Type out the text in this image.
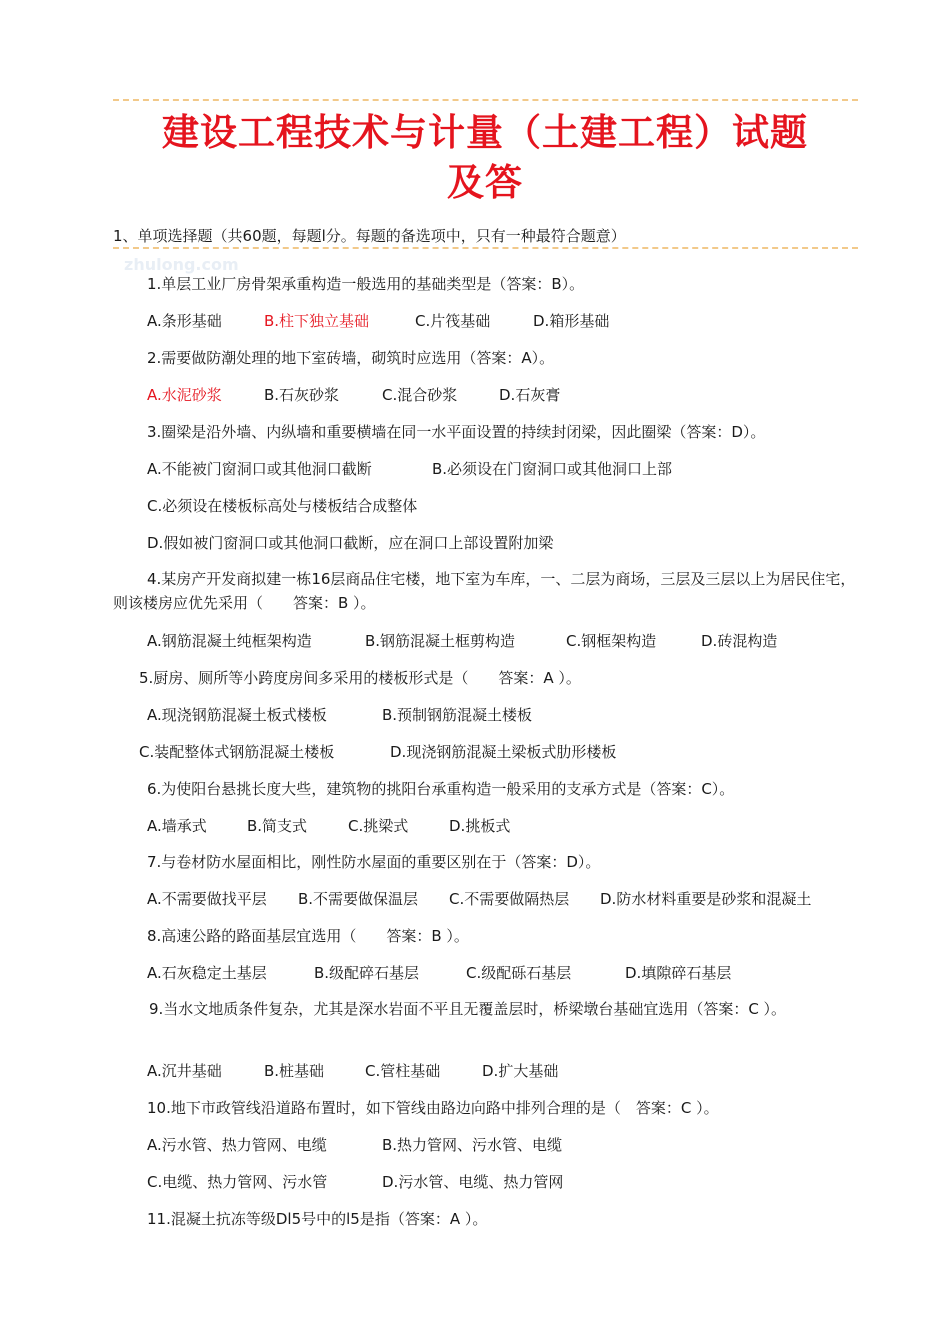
建设工程技术与计量（土建工程）试题
及答
1、单项选择题（共60题，每题l分。每题的备选项中，只有一种最符合题意）
zhulong.com
1.单层工业厂房骨架承重构造一般选用的基础类型是（答案：B）。
A.条形基础	B.柱下独立基础	C.片筏基础	D.箱形基础
2.需要做防潮处理的地下室砖墙，砌筑时应选用（答案：A）。
A.水泥砂浆	B.石灰砂浆	C.混合砂浆	D.石灰膏
3.圈梁是沿外墙、内纵墙和重要横墙在同一水平面设置的持续封闭梁，因此圈梁（答案：D）。
A.不能被门窗洞口或其他洞口截断	B.必须设在门窗洞口或其他洞口上部
C.必须设在楼板标高处与楼板结合成整体
D.假如被门窗洞口或其他洞口截断，应在洞口上部设置附加梁
4.某房产开发商拟建一栋16层商品住宅楼，地下室为车库，一、二层为商场，三层及三层以上为居民住宅，则该楼房应优先采用（　　答案：B ）。
A.钢筋混凝土纯框架构造	B.钢筋混凝土框剪构造	C.钢框架构造	D.砖混构造
5.厨房、厕所等小跨度房间多采用的楼板形式是（　　答案：A ）。
A.现浇钢筋混凝土板式楼板	B.预制钢筋混凝土楼板
C.装配整体式钢筋混凝土楼板	D.现浇钢筋混凝土梁板式肋形楼板
6.为使阳台悬挑长度大些，建筑物的挑阳台承重构造一般采用的支承方式是（答案：C）。
A.墙承式	B.简支式	C.挑梁式	D.挑板式
7.与卷材防水屋面相比，刚性防水屋面的重要区别在于（答案：D）。
A.不需要做找平层 B.不需要做保温层 C.不需要做隔热层 D.防水材料重要是砂浆和混凝土
8.高速公路的路面基层宜选用（　　答案：B ）。
A.石灰稳定土基层	B.级配碎石基层	C.级配砾石基层	D.填隙碎石基层
9.当水文地质条件复杂，尤其是深水岩面不平且无覆盖层时，桥梁墩台基础宜选用（答案：C ）。
A.沉井基础	B.桩基础	C.管柱基础	D.扩大基础
10.地下市政管线沿道路布置时，如下管线由路边向路中排列合理的是（　答案：C ）。
A.污水管、热力管网、电缆	B.热力管网、污水管、电缆
C.电缆、热力管网、污水管	D.污水管、电缆、热力管网
11.混凝土抗冻等级Dl5号中的l5是指（答案：A ）。
